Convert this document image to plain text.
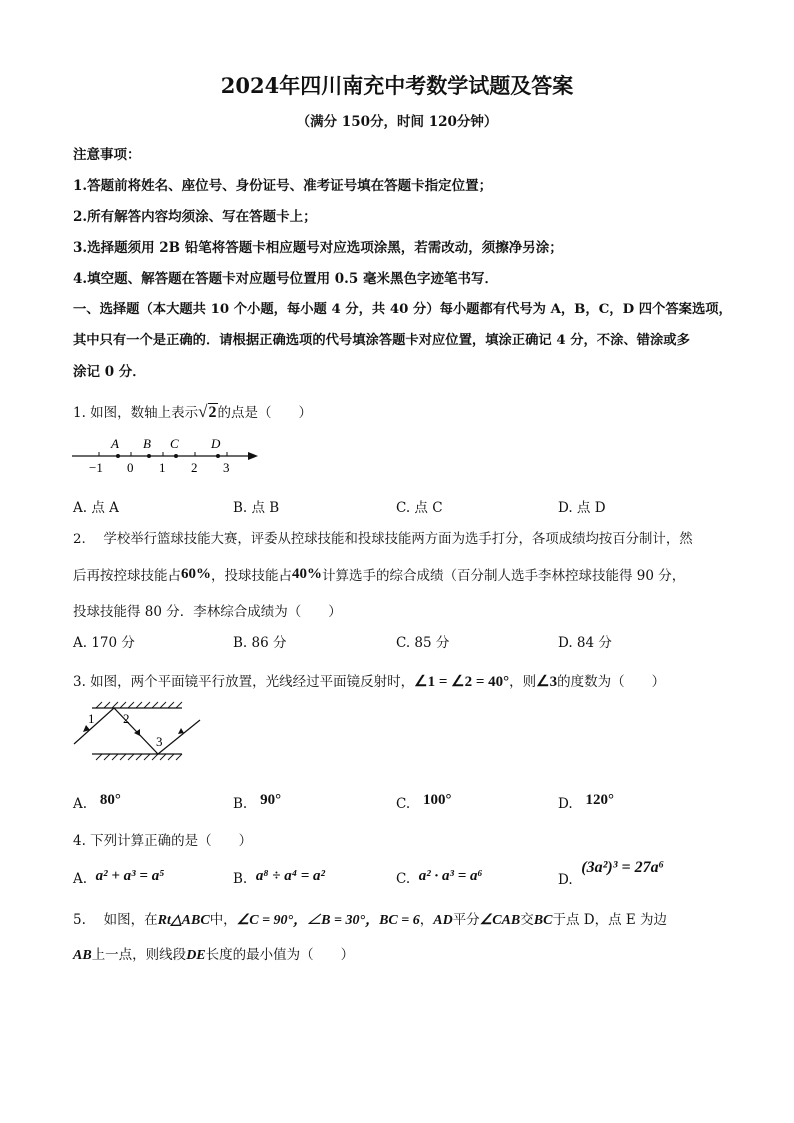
2024年四川南充中考数学试题及答案
（满分 150分，时间 120分钟）
注意事项：
1.答题前将姓名、座位号、身份证号、准考证号填在答题卡指定位置；
2.所有解答内容均须涂、写在答题卡上；
3.选择题须用 2B 铅笔将答题卡相应题号对应选项涂黑，若需改动，须擦净另涂；
4.填空题、解答题在答题卡对应题号位置用 0.5 毫米黑色字迹笔书写．
一、选择题（本大题共 10 个小题，每小题 4 分，共 40 分）每小题都有代号为 A，B，C，D 四个答案选项，
其中只有一个是正确的．请根据正确选项的代号填涂答题卡对应位置，填涂正确记 4 分，不涂、错涂或多
涂记 0 分．
1. 如图，数轴上表示√2的点是（　　）
A B C D
−1 0 1 2 3
A. 点 A	B. 点 B	C. 点 C	D. 点 D
2.　 学校举行篮球技能大赛，评委从控球技能和投球技能两方面为选手打分，各项成绩均按百分制计，然
后再按控球技能占60%，投球技能占40%计算选手的综合成绩（百分制人选手李林控球技能得 90 分，
投球技能得 80 分．李林综合成绩为（　　）
A. 170 分	B. 86 分	C. 85 分	D. 84 分
3. 如图，两个平面镜平行放置，光线经过平面镜反射时，∠1 = ∠2 = 40°，则∠3的度数为（　　）
1 2
3
A. 80°	B. 90°	C. 100°	D. 120°
4. 下列计算正确的是（　　）
A. a² + a³ = a⁵	B. a⁸ ÷ a⁴ = a²	C. a² · a³ = a⁶	D.  (3a²)³ = 27a⁶
5.　 如图，在Rt△ABC中，∠C = 90°，∠B = 30°，BC = 6，AD平分∠CAB交BC于点 D，点 E 为边
AB上一点，则线段DE长度的最小值为（　　）
